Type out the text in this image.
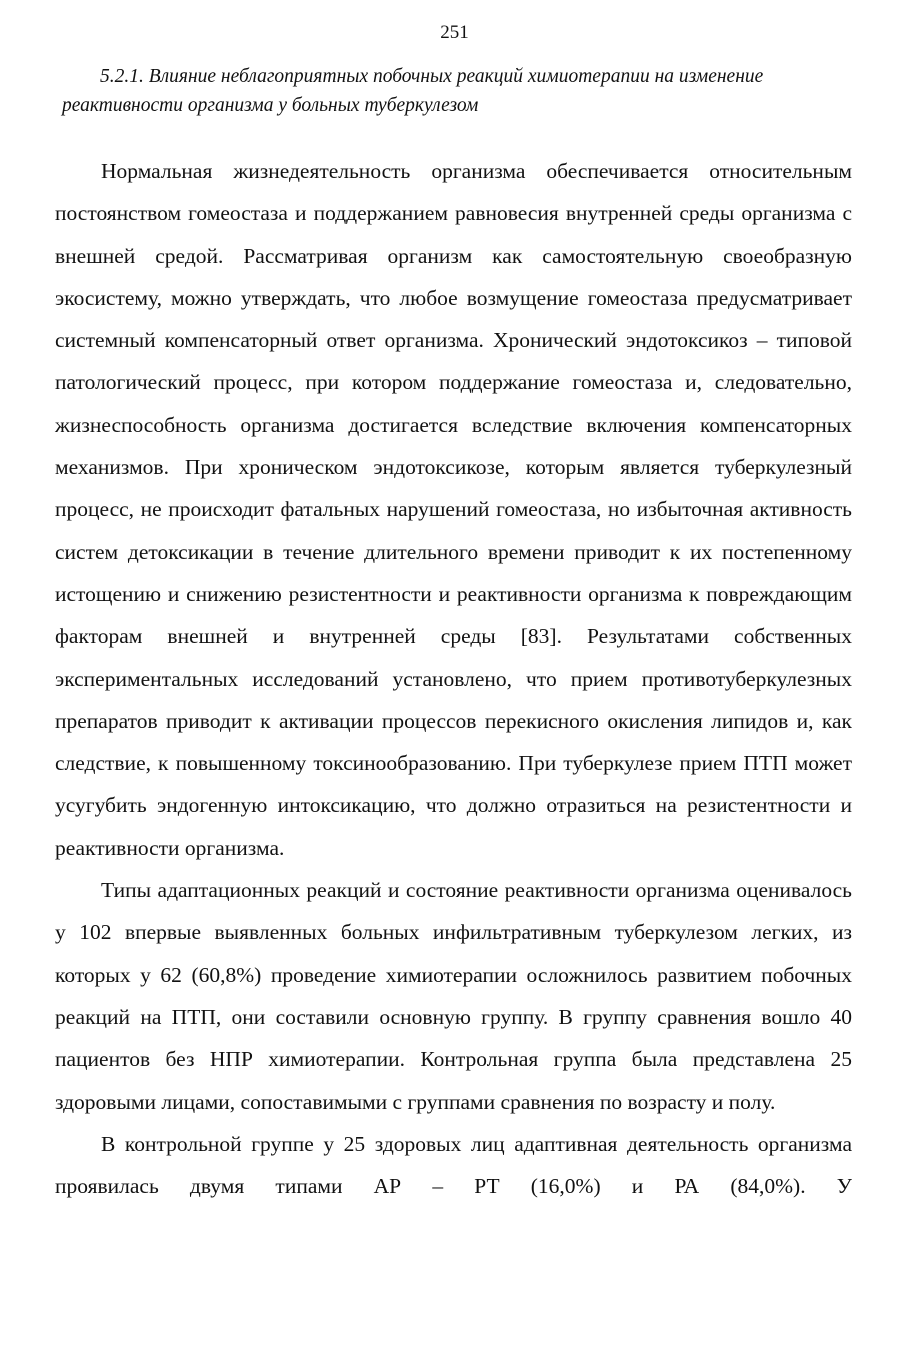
251
5.2.1. Влияние неблагоприятных побочных реакций химиотерапии на изменение реактивности организма у больных туберкулезом

Нормальная жизнедеятельность организма обеспечивается относительным постоянством гомеостаза и поддержанием равновесия внутренней среды организма с внешней средой. Рассматривая организм как самостоятельную своеобразную экосистему, можно утверждать, что любое возмущение гомеостаза предусматривает системный компенсаторный ответ организма. Хронический эндотоксикоз – типовой патологический процесс, при котором поддержание гомеостаза и, следовательно, жизнеспособность организма достигается вследствие включения компенсаторных механизмов. При хроническом эндотоксикозе, которым является туберкулезный процесс, не происходит фатальных нарушений гомеостаза, но избыточная активность систем детоксикации в течение длительного времени приводит к их постепенному истощению и снижению резистентности и реактивности организма к повреждающим факторам внешней и внутренней среды [83]. Результатами собственных экспериментальных исследований установлено, что прием противотуберкулезных препаратов приводит к активации процессов перекисного окисления липидов и, как следствие, к повышенному токсинообразованию. При туберкулезе прием ПТП может усугубить эндогенную интоксикацию, что должно отразиться на резистентности и реактивности организма.

Типы адаптационных реакций и состояние реактивности организма оценивалось у 102 впервые выявленных больных инфильтративным туберкулезом легких, из которых у 62 (60,8%) проведение химиотерапии осложнилось развитием побочных реакций на ПТП, они составили основную группу. В группу сравнения вошло 40 пациентов без НПР химиотерапии. Контрольная группа была представлена 25 здоровыми лицами, сопоставимыми с группами сравнения по возрасту и полу.

В контрольной группе у 25 здоровых лиц адаптивная деятельность организма проявилась двумя типами АР – РТ (16,0%) и РА (84,0%). У
